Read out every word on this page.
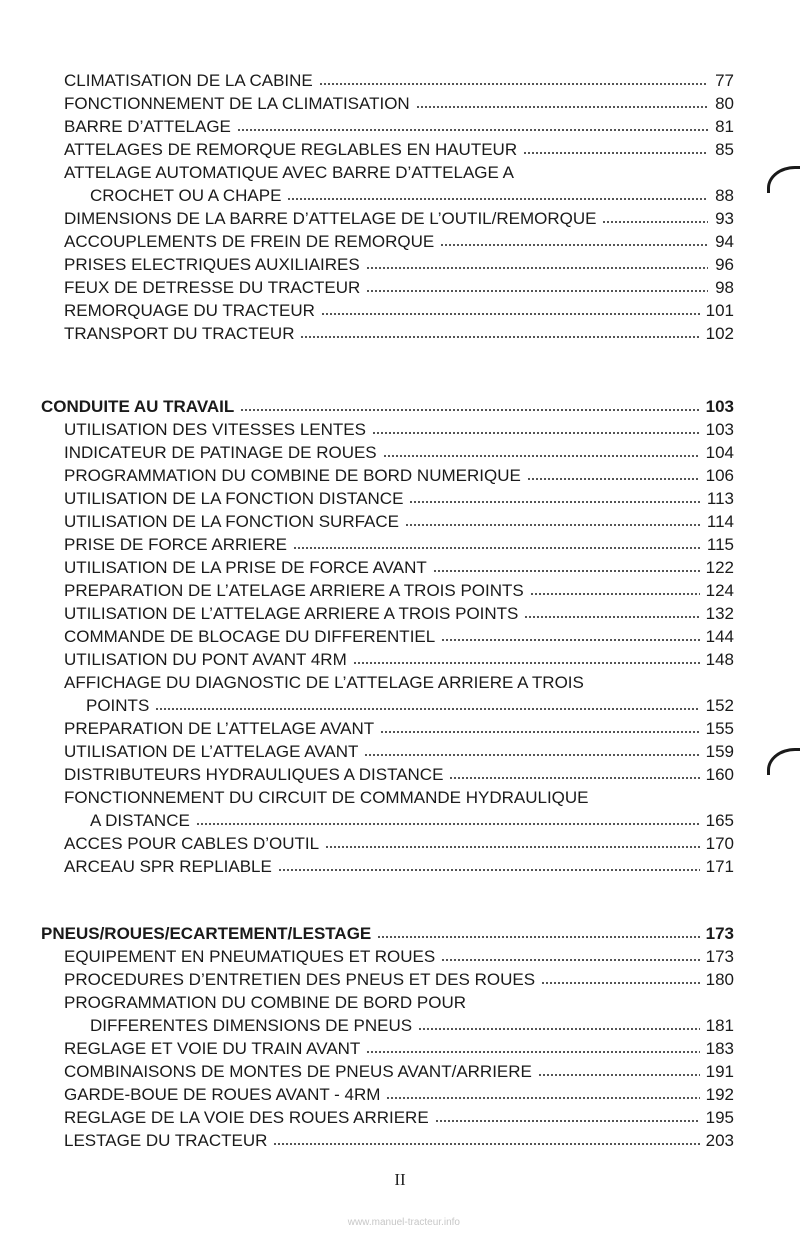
CLIMATISATION DE LA CABINE	77
FONCTIONNEMENT DE LA CLIMATISATION	80
BARRE D’ATTELAGE	81
ATTELAGES DE REMORQUE REGLABLES EN HAUTEUR	85
ATTELAGE AUTOMATIQUE AVEC BARRE D’ATTELAGE A
CROCHET OU A CHAPE	88
DIMENSIONS DE LA BARRE D’ATTELAGE DE L’OUTIL/REMORQUE	93
ACCOUPLEMENTS DE FREIN DE REMORQUE	94
PRISES ELECTRIQUES AUXILIAIRES	96
FEUX DE DETRESSE DU TRACTEUR	98
REMORQUAGE DU TRACTEUR	101
TRANSPORT DU TRACTEUR	102
CONDUITE AU TRAVAIL	103
UTILISATION DES VITESSES LENTES	103
INDICATEUR DE PATINAGE DE ROUES	104
PROGRAMMATION DU COMBINE DE BORD NUMERIQUE	106
UTILISATION DE LA FONCTION DISTANCE	113
UTILISATION DE LA FONCTION SURFACE	114
PRISE DE FORCE ARRIERE	115
UTILISATION DE LA PRISE DE FORCE AVANT	122
PREPARATION DE L’ATELAGE ARRIERE A TROIS POINTS	124
UTILISATION DE L’ATTELAGE ARRIERE A TROIS POINTS	132
COMMANDE DE BLOCAGE DU DIFFERENTIEL	144
UTILISATION DU PONT AVANT 4RM	148
AFFICHAGE DU DIAGNOSTIC DE L’ATTELAGE ARRIERE A TROIS
POINTS	152
PREPARATION DE L’ATTELAGE AVANT	155
UTILISATION DE L’ATTELAGE AVANT	159
DISTRIBUTEURS HYDRAULIQUES A DISTANCE	160
FONCTIONNEMENT DU CIRCUIT DE COMMANDE HYDRAULIQUE
A DISTANCE	165
ACCES POUR CABLES D’OUTIL	170
ARCEAU SPR REPLIABLE	171
PNEUS/ROUES/ECARTEMENT/LESTAGE	173
EQUIPEMENT EN PNEUMATIQUES ET ROUES	173
PROCEDURES D’ENTRETIEN DES PNEUS ET DES ROUES	180
PROGRAMMATION DU COMBINE DE BORD POUR
DIFFERENTES DIMENSIONS DE PNEUS	181
REGLAGE ET VOIE DU TRAIN AVANT	183
COMBINAISONS DE MONTES DE PNEUS AVANT/ARRIERE	191
GARDE-BOUE DE ROUES AVANT - 4RM	192
REGLAGE DE LA VOIE DES ROUES ARRIERE	195
LESTAGE DU TRACTEUR	203
II
www.manuel-tracteur.info
